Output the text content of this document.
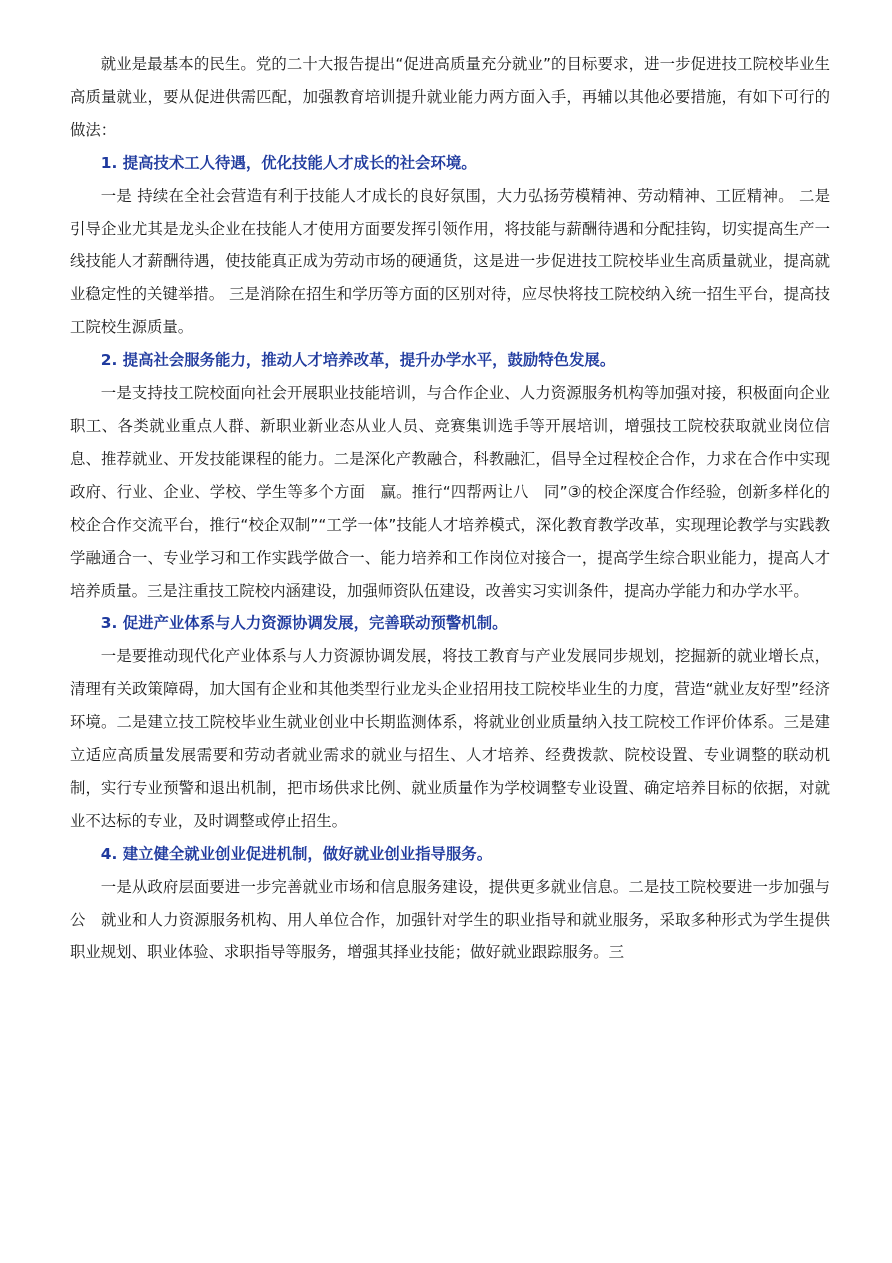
就业是最基本的民生。党的二十大报告提出“促进高质量充分就业”的目标要求，进一步促进技工院校毕业生高质量就业，要从促进供需匹配，加强教育培训提升就业能力两方面入手，再辅以其他必要措施，有如下可行的做法：

1. 提高技术工人待遇，优化技能人才成长的社会环境。

一是 持续在全社会营造有利于技能人才成长的良好氛围，大力弘扬劳模精神、劳动精神、工匠精神。 二是引导企业尤其是龙头企业在技能人才使用方面要发挥引领作用，将技能与薪酬待遇和分配挂钩，切实提高生产一线技能人才薪酬待遇，使技能真正成为劳动市场的硬通货，这是进一步促进技工院校毕业生高质量就业，提高就业稳定性的关键举措。 三是消除在招生和学历等方面的区别对待，应尽快将技工院校纳入统一招生平台，提高技工院校生源质量。

2. 提高社会服务能力，推动人才培养改革，提升办学水平，鼓励特色发展。

一是支持技工院校面向社会开展职业技能培训，与合作企业、人力资源服务机构等加强对接，积极面向企业职工、各类就业重点人群、新职业新业态从业人员、竞赛集训选手等开展培训，增强技工院校获取就业岗位信息、推荐就业、开发技能课程的能力。二是深化产教融合，科教融汇，倡导全过程校企合作，力求在合作中实现政府、行业、企业、学校、学生等多个方面　赢。推行“四帮两让八　同”③的校企深度合作经验，创新多样化的校企合作交流平台，推行“校企双制”“工学一体”技能人才培养模式，深化教育教学改革，实现理论教学与实践教学融通合一、专业学习和工作实践学做合一、能力培养和工作岗位对接合一，提高学生综合职业能力，提高人才培养质量。三是注重技工院校内涵建设，加强师资队伍建设，改善实习实训条件，提高办学能力和办学水平。

3. 促进产业体系与人力资源协调发展，完善联动预警机制。

一是要推动现代化产业体系与人力资源协调发展，将技工教育与产业发展同步规划，挖掘新的就业增长点，清理有关政策障碍，加大国有企业和其他类型行业龙头企业招用技工院校毕业生的力度，营造“就业友好型”经济环境。二是建立技工院校毕业生就业创业中长期监测体系，将就业创业质量纳入技工院校工作评价体系。三是建立适应高质量发展需要和劳动者就业需求的就业与招生、人才培养、经费拨款、院校设置、专业调整的联动机制，实行专业预警和退出机制，把市场供求比例、就业质量作为学校调整专业设置、确定培养目标的依据，对就业不达标的专业，及时调整或停止招生。

4. 建立健全就业创业促进机制，做好就业创业指导服务。

一是从政府层面要进一步完善就业市场和信息服务建设，提供更多就业信息。二是技工院校要进一步加强与公　就业和人力资源服务机构、用人单位合作，加强针对学生的职业指导和就业服务，采取多种形式为学生提供职业规划、职业体验、求职指导等服务，增强其择业技能；做好就业跟踪服务。三
